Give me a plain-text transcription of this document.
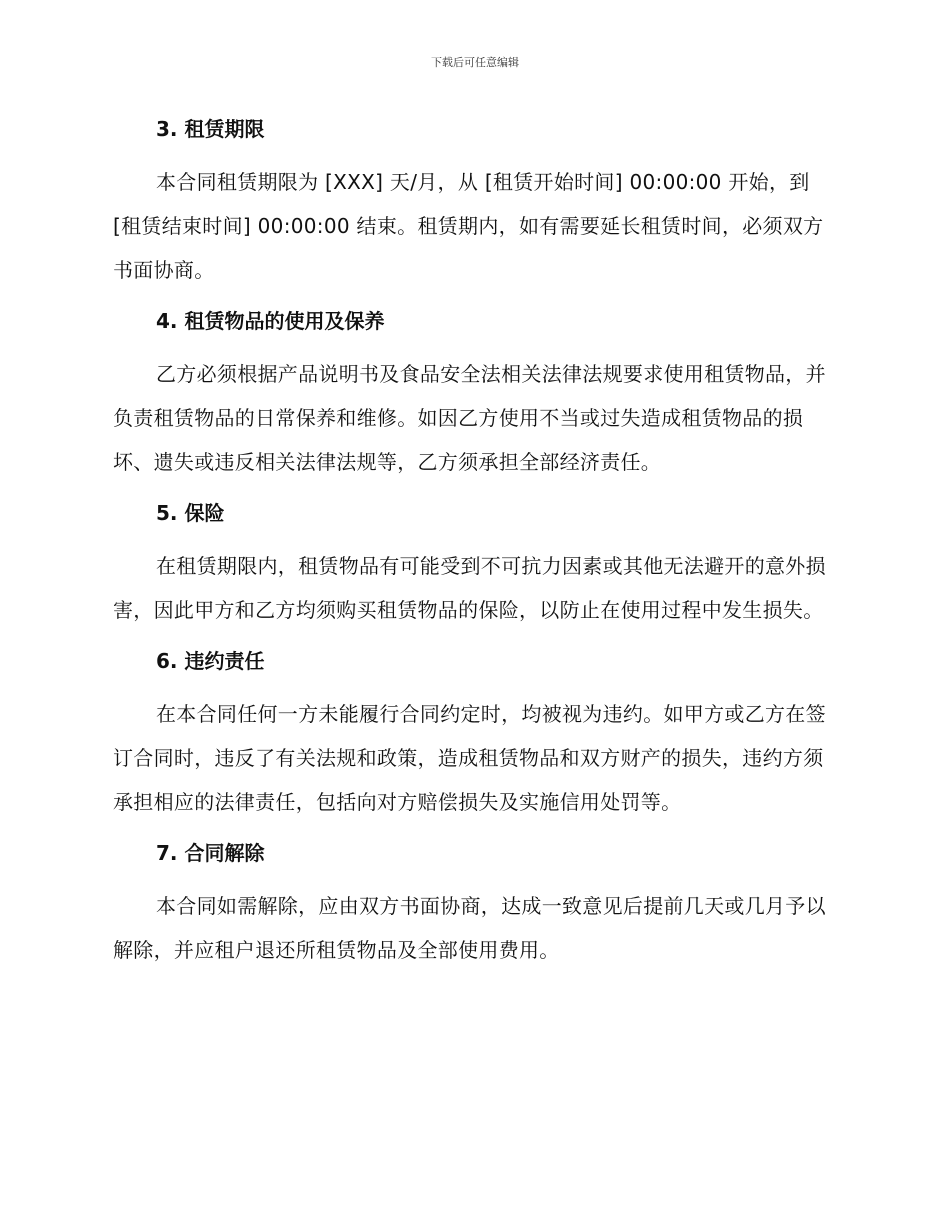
下载后可任意编辑
3. 租赁期限

本合同租赁期限为 [XXX] 天/月，从 [租赁开始时间] 00:00:00 开始，到 [租赁结束时间] 00:00:00 结束。租赁期内，如有需要延长租赁时间，必须双方书面协商。

4. 租赁物品的使用及保养

乙方必须根据产品说明书及食品安全法相关法律法规要求使用租赁物品，并负责租赁物品的日常保养和维修。如因乙方使用不当或过失造成租赁物品的损坏、遗失或违反相关法律法规等，乙方须承担全部经济责任。

5. 保险

在租赁期限内，租赁物品有可能受到不可抗力因素或其他无法避开的意外损害，因此甲方和乙方均须购买租赁物品的保险，以防止在使用过程中发生损失。

6. 违约责任

在本合同任何一方未能履行合同约定时，均被视为违约。如甲方或乙方在签订合同时，违反了有关法规和政策，造成租赁物品和双方财产的损失，违约方须承担相应的法律责任，包括向对方赔偿损失及实施信用处罚等。

7. 合同解除

本合同如需解除，应由双方书面协商，达成一致意见后提前几天或几月予以解除，并应租户退还所租赁物品及全部使用费用。
